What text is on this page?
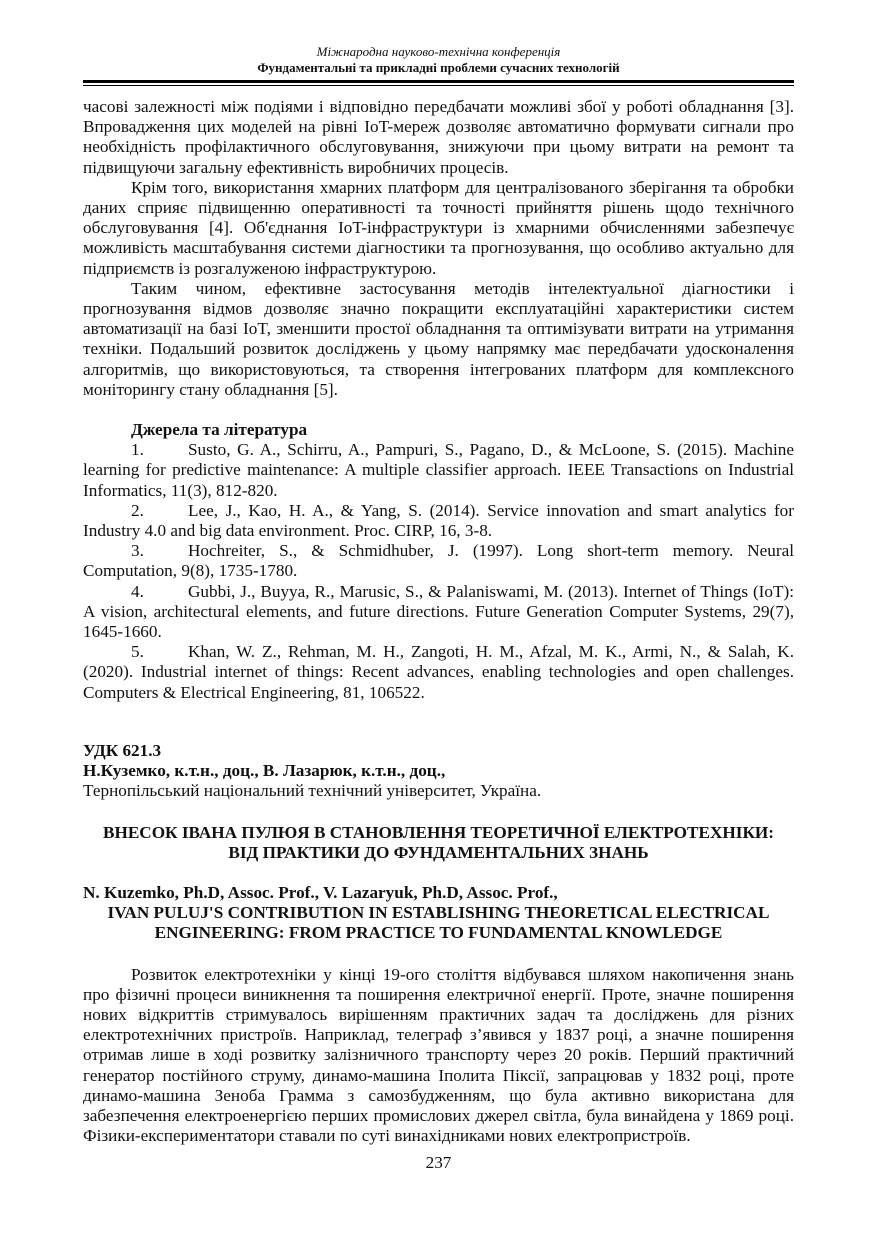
Міжнародна науково-технічна конференція
Фундаментальні та прикладні проблеми сучасних технологій

часові залежності між подіями і відповідно передбачати можливі збої у роботі обладнання [3]. Впровадження цих моделей на рівні IoT-мереж дозволяє автоматично формувати сигнали про необхідність профілактичного обслуговування, знижуючи при цьому витрати на ремонт та підвищуючи загальну ефективність виробничих процесів.

Крім того, використання хмарних платформ для централізованого зберігання та обробки даних сприяє підвищенню оперативності та точності прийняття рішень щодо технічного обслуговування [4]. Об'єднання IoT-інфраструктури із хмарними обчисленнями забезпечує можливість масштабування системи діагностики та прогнозування, що особливо актуально для підприємств із розгалуженою інфраструктурою.

Таким чином, ефективне застосування методів інтелектуальної діагностики і прогнозування відмов дозволяє значно покращити експлуатаційні характеристики систем автоматизації на базі IoT, зменшити простої обладнання та оптимізувати витрати на утримання техніки. Подальший розвиток досліджень у цьому напрямку має передбачати удосконалення алгоритмів, що використовуються, та створення інтегрованих платформ для комплексного моніторингу стану обладнання [5].

Джерела та література

1.	Susto, G. A., Schirru, A., Pampuri, S., Pagano, D., & McLoone, S. (2015). Machine learning for predictive maintenance: A multiple classifier approach. IEEE Transactions on Industrial Informatics, 11(3), 812-820.

2.	Lee, J., Kao, H. A., & Yang, S. (2014). Service innovation and smart analytics for Industry 4.0 and big data environment. Proc. CIRP, 16, 3-8.

3.	Hochreiter, S., & Schmidhuber, J. (1997). Long short-term memory. Neural Computation, 9(8), 1735-1780.

4.	Gubbi, J., Buyya, R., Marusic, S., & Palaniswami, M. (2013). Internet of Things (IoT): A vision, architectural elements, and future directions. Future Generation Computer Systems, 29(7), 1645-1660.

5.	Khan, W. Z., Rehman, M. H., Zangoti, H. M., Afzal, M. K., Armi, N., & Salah, K. (2020). Industrial internet of things: Recent advances, enabling technologies and open challenges. Computers & Electrical Engineering, 81, 106522.

УДК 621.3

Н.Куземко, к.т.н., доц., В. Лазарюк, к.т.н., доц.,

Тернопільський національний технічний університет, Україна.

ВНЕСОК ІВАНА ПУЛЮЯ В СТАНОВЛЕННЯ ТЕОРЕТИЧНОЇ ЕЛЕКТРОТЕХНІКИ:

ВІД ПРАКТИКИ ДО ФУНДАМЕНТАЛЬНИХ ЗНАНЬ

N. Kuzemko, Ph.D, Assoc. Prof., V. Lazaryuk, Ph.D, Assoc. Prof.,

IVAN PULUJ'S CONTRIBUTION IN ESTABLISHING THEORETICAL ELECTRICAL

ENGINEERING: FROM PRACTICE TO FUNDAMENTAL KNOWLEDGE

Розвиток електротехніки у кінці 19-ого століття відбувався шляхом накопичення знань про фізичні процеси виникнення та поширення електричної енергії. Проте, значне поширення нових відкриттів стримувалось вирішенням практичних задач та досліджень для різних електротехнічних пристроїв. Наприклад, телеграф з’явився у 1837 році, а значне поширення отримав лише в ході розвитку залізничного транспорту через 20 років. Перший практичний генератор постійного струму, динамо-машина Іполита Піксії, запрацював у 1832 році, проте динамо-машина Зеноба Грамма з самозбудженням, що була активно використана для забезпечення електроенергією перших промислових джерел світла, була винайдена у 1869 році. Фізики-експериментатори ставали по суті винахідниками нових електропристроїв.

237
